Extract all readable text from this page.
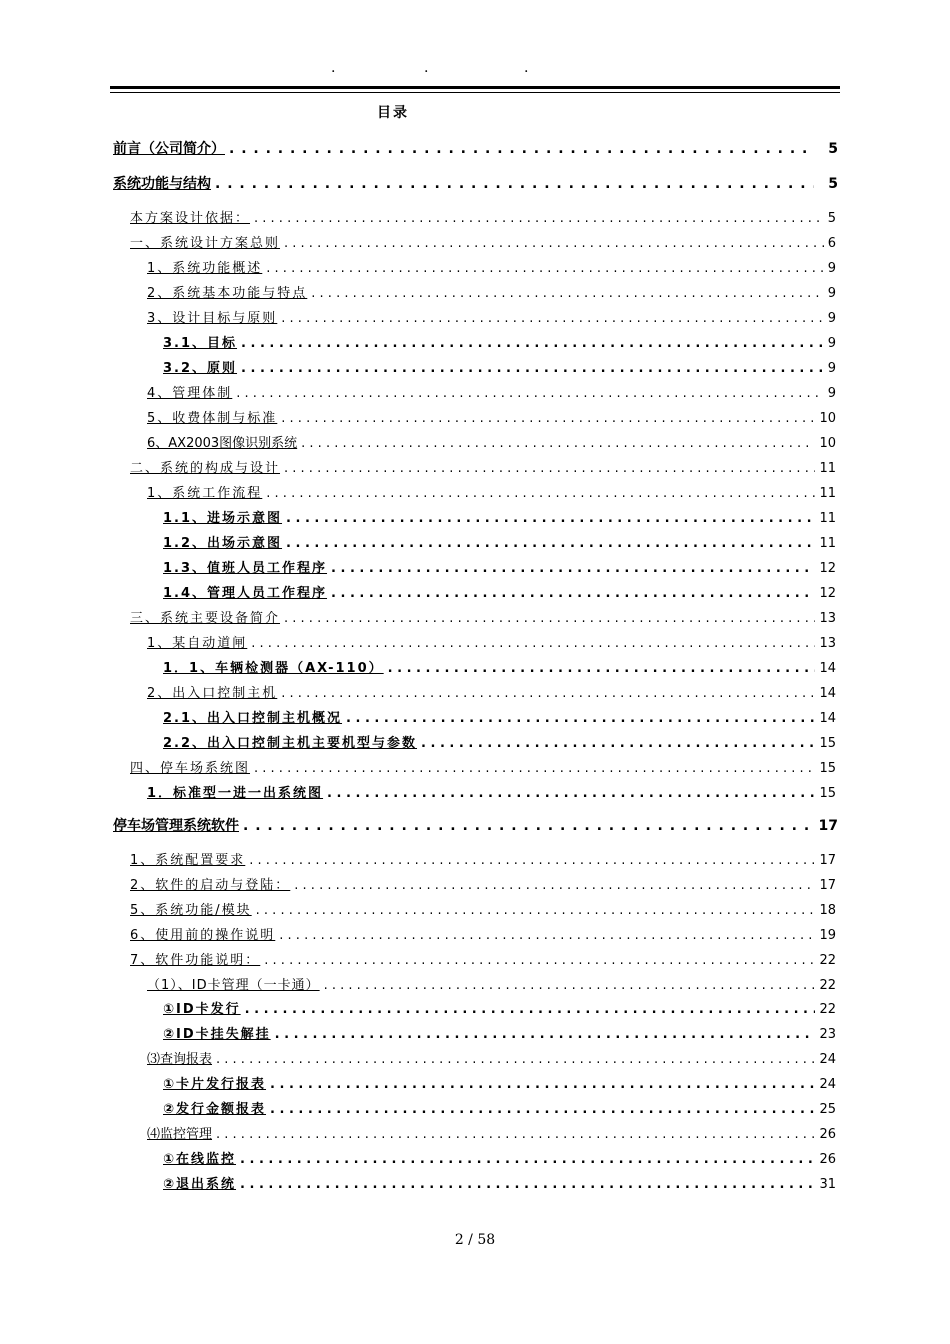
.	.	.
目录
前言（公司简介） . . .	5
系统功能与结构 . . .	5
本方案设计依据： . . .	5
一、系统设计方案总则 . . .	6
1、系统功能概述 . . .	9
2、系统基本功能与特点 . . .	9
3、设计目标与原则 . . .	9
3.1、目标 . . .	9
3.2、原则 . . .	9
4、管理体制 . . .	9
5、收费体制与标准 . . .	10
6、AX2003图像识别系统 . . .	10
二、系统的构成与设计 . . .	11
1、系统工作流程 . . .	11
1.1、进场示意图 . . .	11
1.2、出场示意图 . . .	11
1.3、值班人员工作程序 . . .	12
1.4、管理人员工作程序 . . .	12
三、系统主要设备简介 . . .	13
1、某自动道闸 . . .	13
1．1、车辆检测器（AX-110） . . .	14
2、出入口控制主机 . . .	14
2.1、出入口控制主机概况 . . .	14
2.2、出入口控制主机主要机型与参数 . . .	15
四、停车场系统图 . . .	15
1．标准型一进一出系统图 . . .	15
停车场管理系统软件 . . .	17
1、系统配置要求 . . .	17
2、软件的启动与登陆： . . .	17
5、系统功能/模块 . . .	18
6、使用前的操作说明 . . .	19
7、软件功能说明： . . .	22
（1）、ID卡管理（一卡通） . . .	22
①ID卡发行 . . .	22
②ID卡挂失解挂 . . .	23
⑶查询报表 . . .	24
①卡片发行报表 . . .	24
②发行金额报表 . . .	25
⑷监控管理 . . .	26
①在线监控 . . .	26
②退出系统 . . .	31
2 / 58
